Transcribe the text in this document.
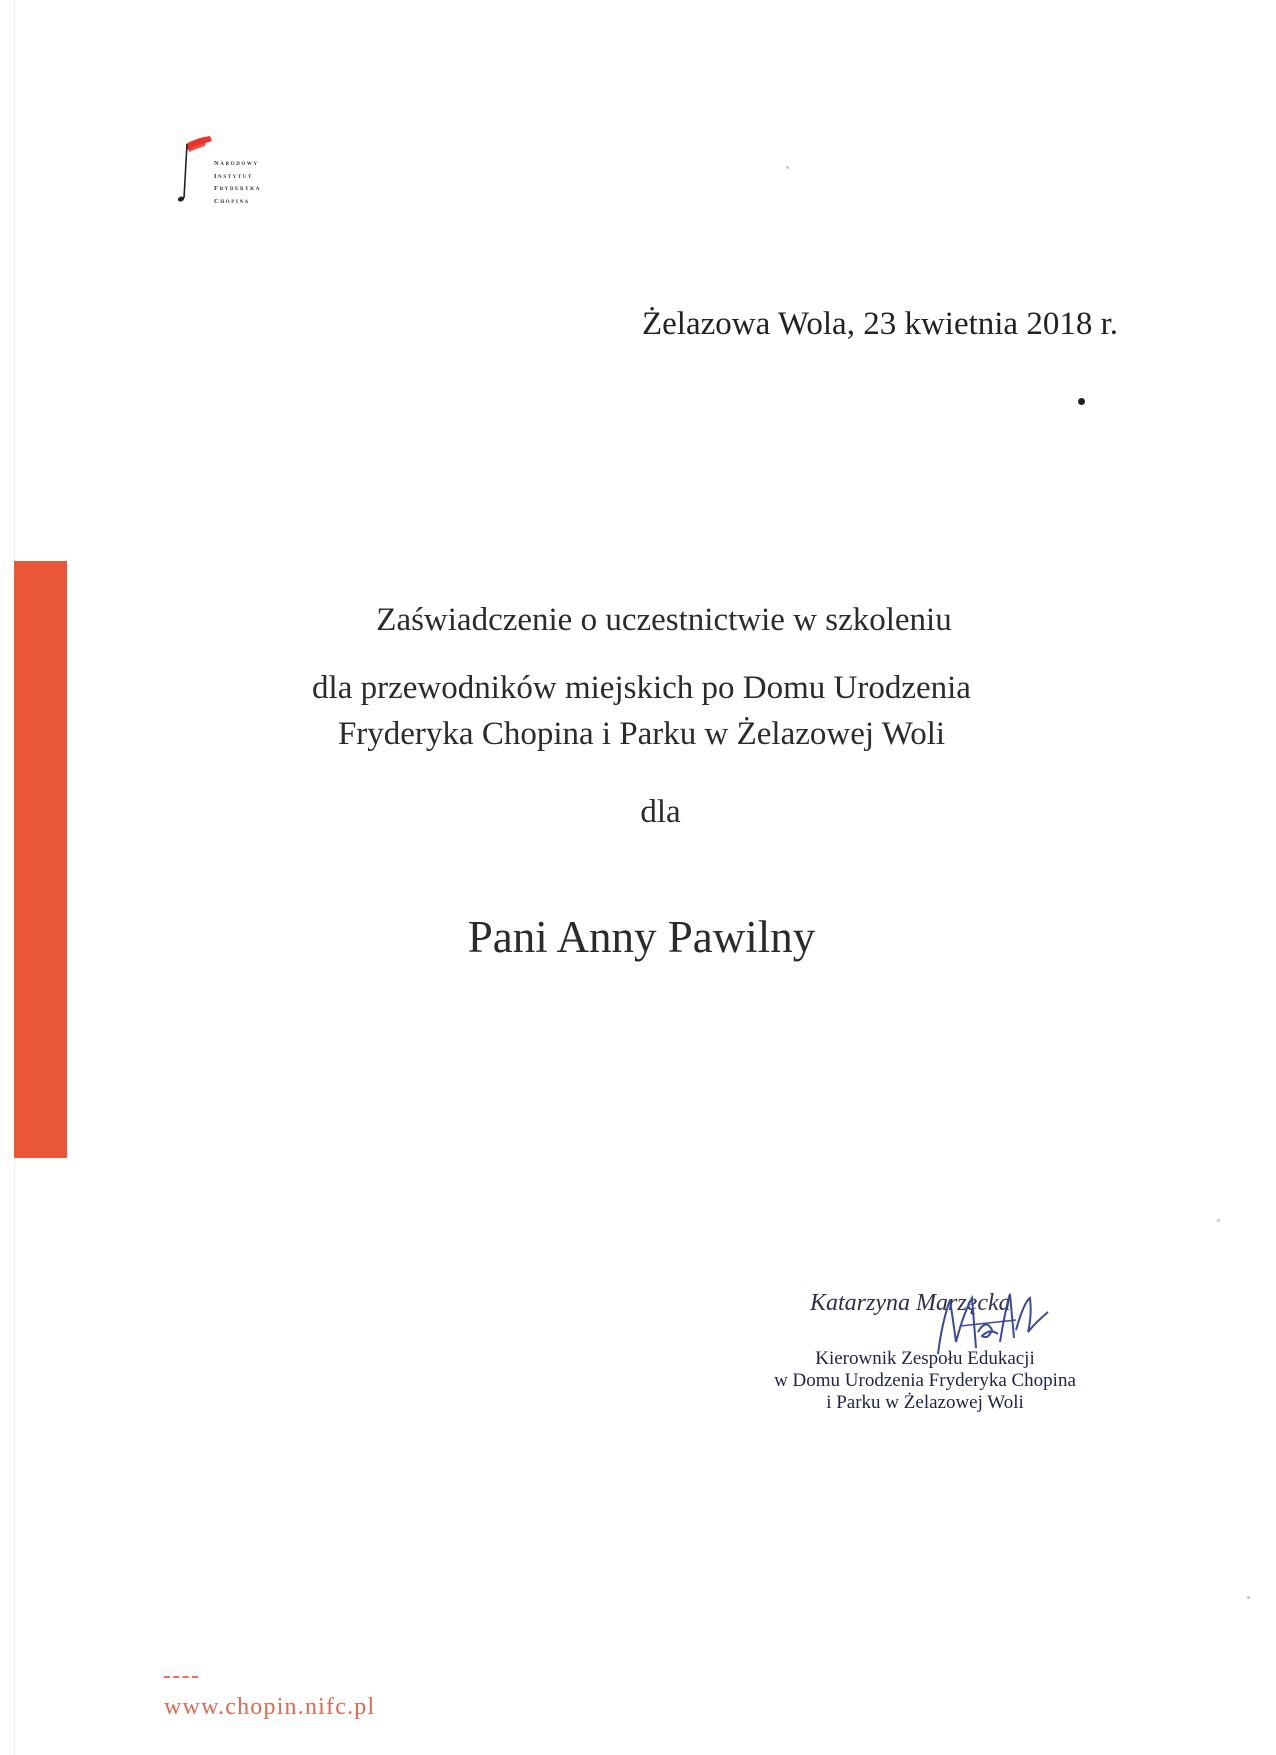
Narodowy
Instytut
Fryderyka
Chopina
Żelazowa Wola, 23 kwietnia 2018 r.
Zaświadczenie o uczestnictwie w szkoleniu
dla przewodników miejskich po Domu Urodzenia
Fryderyka Chopina i Parku w Żelazowej Woli
dla
Pani Anny Pawilny
Katarzyna Marzęcka
Kierownik Zespołu Edukacji
w Domu Urodzenia Fryderyka Chopina
i Parku w Żelazowej Woli
www.chopin.nifc.pl
